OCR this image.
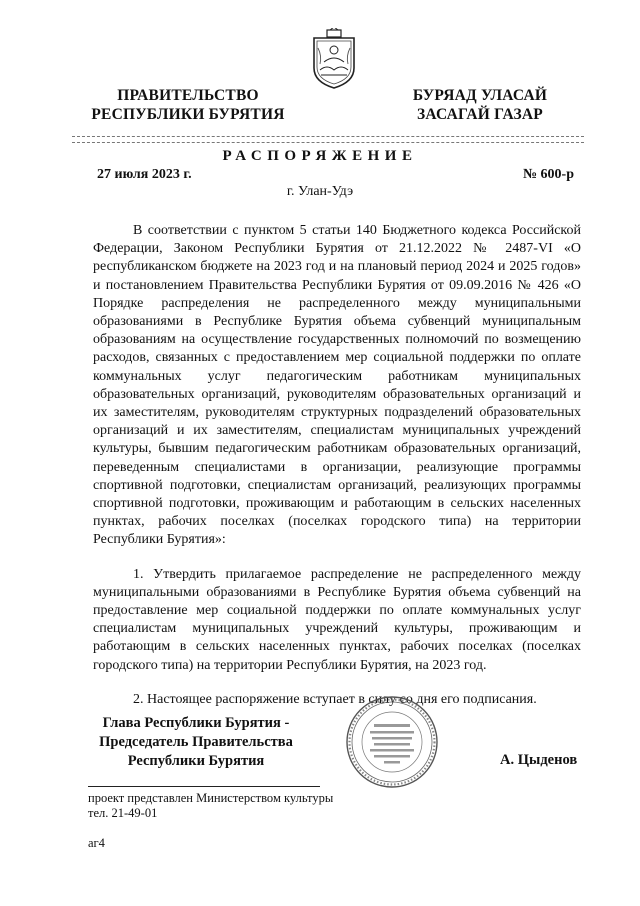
ПРАВИТЕЛЬСТВО
РЕСПУБЛИКИ БУРЯТИЯ
БУРЯАД УЛАСАЙ
ЗАСАГАЙ ГАЗАР
РАСПОРЯЖЕНИЕ
27 июля 2023 г.	№ 600-р
г. Улан-Удэ

В соответствии с пунктом 5 статьи 140 Бюджетного кодекса Российской Федерации, Законом Республики Бурятия от 21.12.2022 № 2487-VI «О республиканском бюджете на 2023 год и на плановый период 2024 и 2025 годов» и постановлением Правительства Республики Бурятия от 09.09.2016 № 426 «О Порядке распределения не распределенного между муниципальными образованиями в Республике Бурятия объема субвенций муниципальным образованиям на осуществление государственных полномочий по возмещению расходов, связанных с предоставлением мер социальной поддержки по оплате коммунальных услуг педагогическим работникам муниципальных образовательных организаций, руководителям образовательных организаций и их заместителям, руководителям структурных подразделений образовательных организаций и их заместителям, специалистам муниципальных учреждений культуры, бывшим педагогическим работникам образовательных организаций, переведенным специалистами в организации, реализующие программы спортивной подготовки, специалистам организаций, реализующих программы спортивной подготовки, проживающим и работающим в сельских населенных пунктах, рабочих поселках (поселках городского типа) на территории Республики Бурятия»:

1. Утвердить прилагаемое распределение не распределенного между муниципальными образованиями в Республике Бурятия объема субвенций на предоставление мер социальной поддержки по оплате коммунальных услуг специалистам муниципальных учреждений культуры, проживающим и работающим в сельских населенных пунктах, рабочих поселках (поселках городского типа) на территории Республики Бурятия, на 2023 год.

2. Настоящее распоряжение вступает в силу со дня его подписания.

Глава Республики Бурятия -
Председатель Правительства
Республики Бурятия	А. Цыденов
проект представлен Министерством культуры
тел. 21-49-01
аг4
